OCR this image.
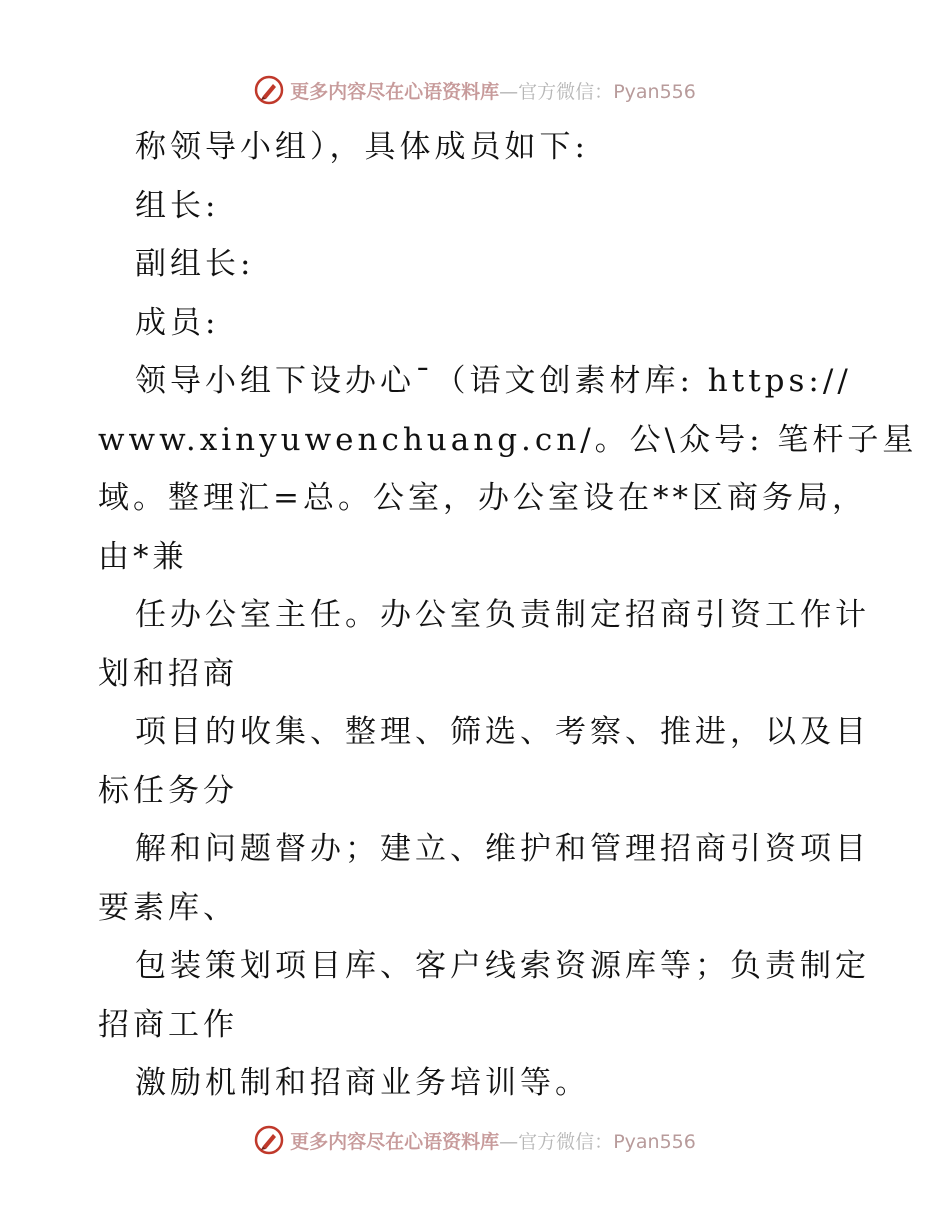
更多内容尽在心语资料库—官方微信：Pyan556
称领导小组），具体成员如下:
组长:
副组长:
成员:
领导小组下设办心¯（语文创素材库: https://
www.xinyuwenchuang.cn/。公\众号: 笔杆子星
域。整理汇=总。公室，办公室设在**区商务局，
由*兼
任办公室主任。办公室负责制定招商引资工作计
划和招商
项目的收集、整理、筛选、考察、推进，以及目
标任务分
解和问题督办；建立、维护和管理招商引资项目
要素库、
包装策划项目库、客户线索资源库等；负责制定
招商工作
激励机制和招商业务培训等。
更多内容尽在心语资料库—官方微信：Pyan556
